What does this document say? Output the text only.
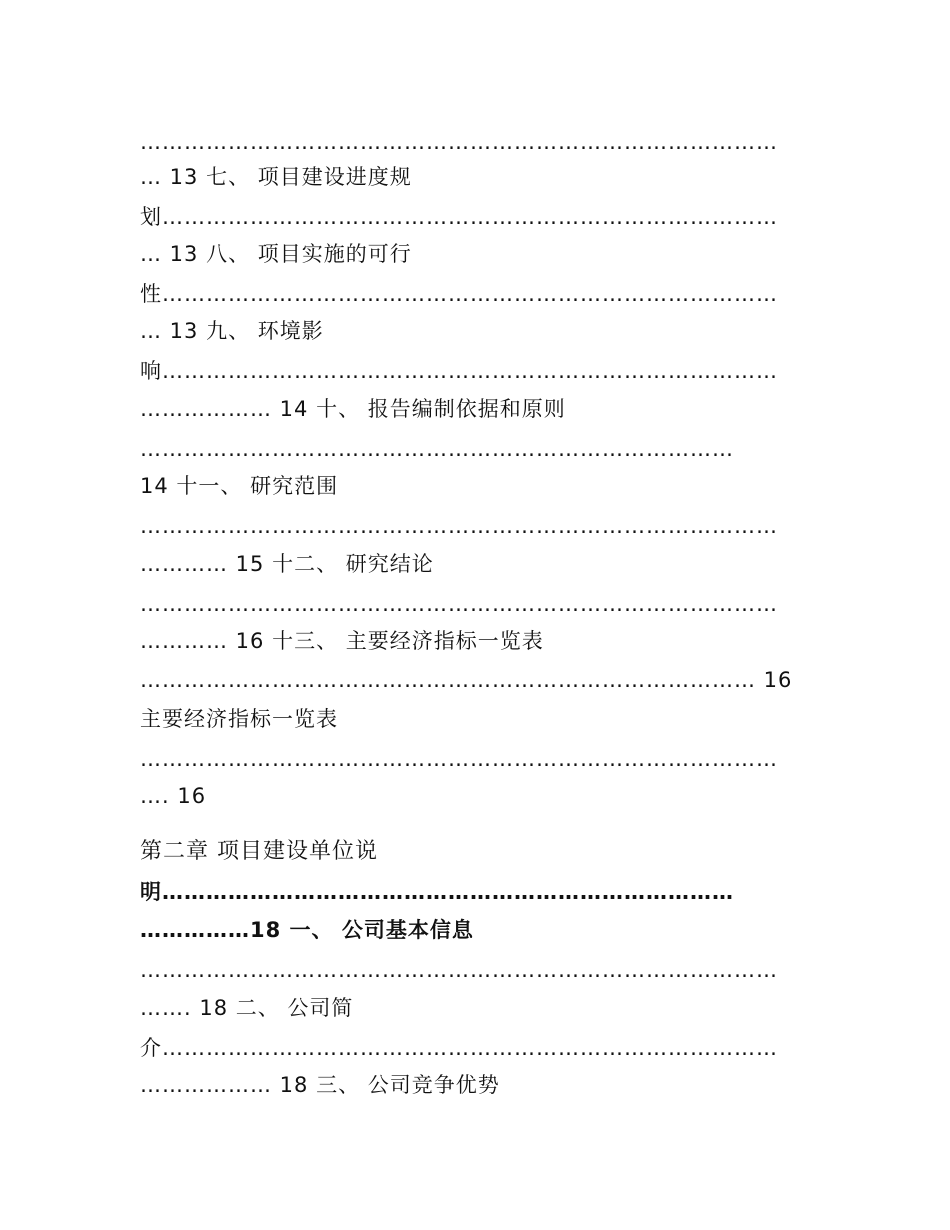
……………………………………………………………………………
… 13 七、 项目建设进度规
划…………………………………………………………………………
… 13 八、 项目实施的可行
性…………………………………………………………………………
… 13 九、 环境影
响…………………………………………………………………………
……………… 14 十、 报告编制依据和原则
………………………………………………………………………
14 十一、 研究范围
……………………………………………………………………………
………… 15 十二、 研究结论
……………………………………………………………………………
………… 16 十三、 主要经济指标一览表
………………………………………………………………………… 16
主要经济指标一览表
……………………………………………………………………………
…. 16
第二章 项目建设单位说
明……………………………………………………………………
……………18 一、 公司基本信息
……………………………………………………………………………
……. 18 二、 公司简
介…………………………………………………………………………
……………… 18 三、 公司竞争优势
